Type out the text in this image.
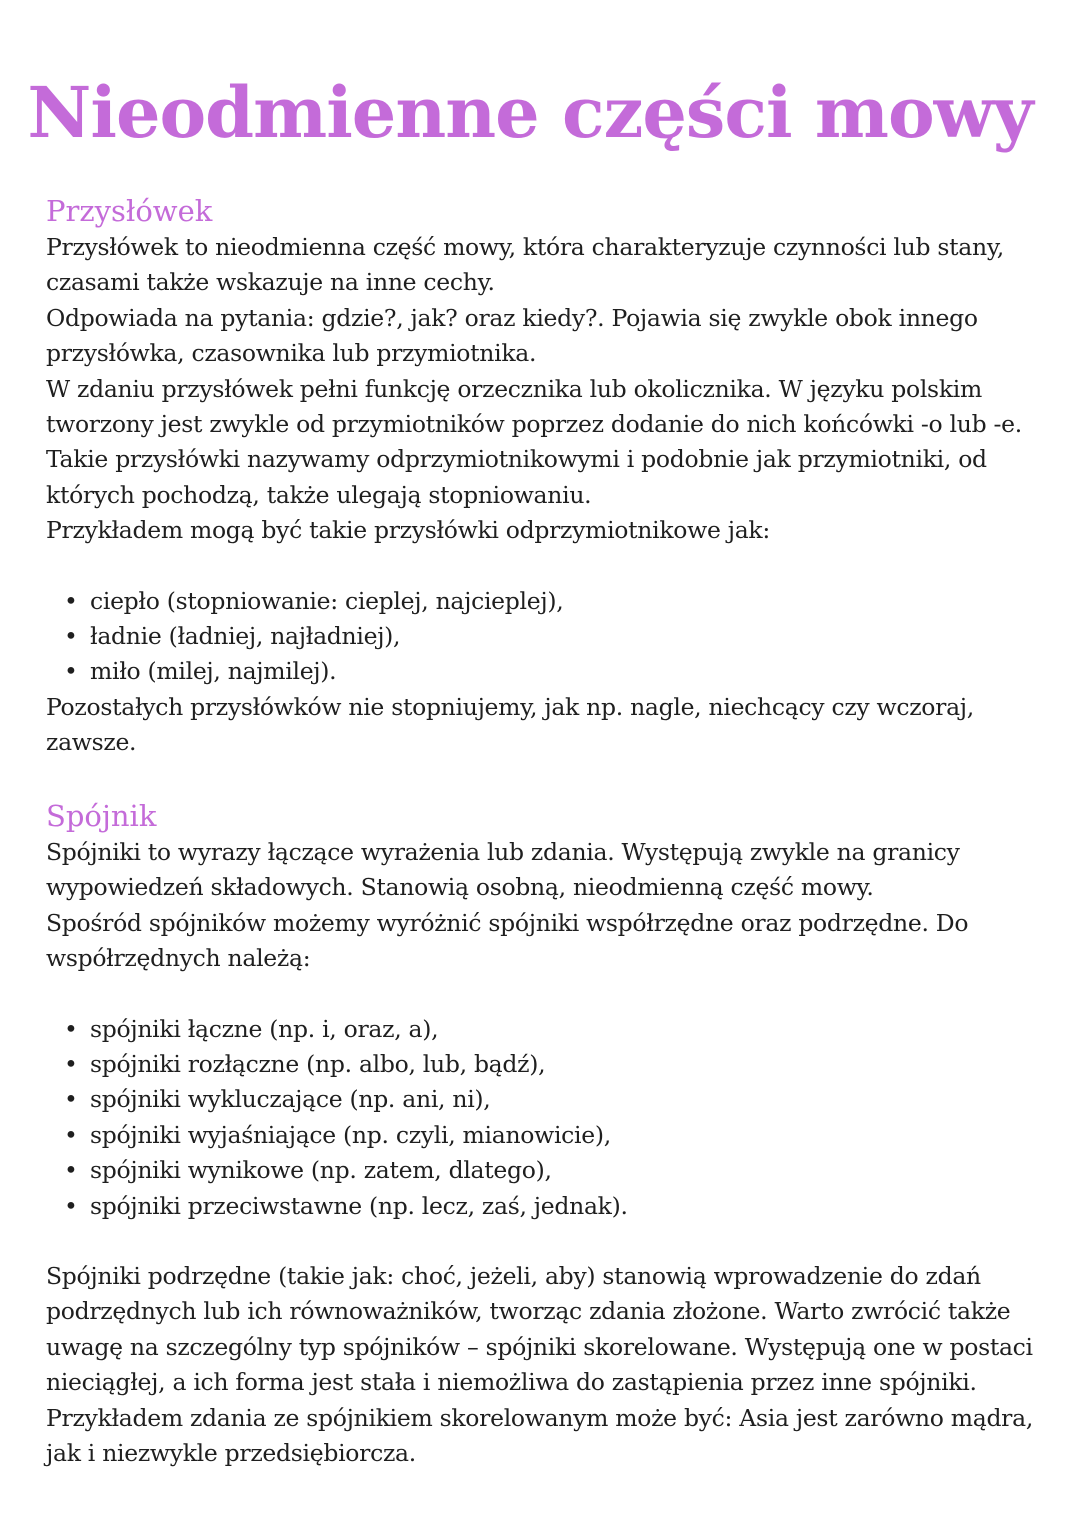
Nieodmienne części mowy
Przysłówek

Przysłówek to nieodmienna część mowy, która charakteryzuje czynności lub stany, czasami także wskazuje na inne cechy.

Odpowiada na pytania: gdzie?, jak? oraz kiedy?. Pojawia się zwykle obok innego przysłówka, czasownika lub przymiotnika.

W zdaniu przysłówek pełni funkcję orzecznika lub okolicznika. W języku polskim tworzony jest zwykle od przymiotników poprzez dodanie do nich końcówki -o lub -e. Takie przysłówki nazywamy odprzymiotnikowymi i podobnie jak przymiotniki, od których pochodzą, także ulegają stopniowaniu.

Przykładem mogą być takie przysłówki odprzymiotnikowe jak:

• ciepło (stopniowanie: cieplej, najcieplej),
• ładnie (ładniej, najładniej),
• miło (milej, najmilej).

Pozostałych przysłówków nie stopniujemy, jak np. nagle, niechcący czy wczoraj, zawsze.

Spójnik

Spójniki to wyrazy łączące wyrażenia lub zdania. Występują zwykle na granicy wypowiedzeń składowych. Stanowią osobną, nieodmienną część mowy.

Spośród spójników możemy wyróżnić spójniki współrzędne oraz podrzędne. Do współrzędnych należą:

• spójniki łączne (np. i, oraz, a),
• spójniki rozłączne (np. albo, lub, bądź),
• spójniki wykluczające (np. ani, ni),
• spójniki wyjaśniające (np. czyli, mianowicie),
• spójniki wynikowe (np. zatem, dlatego),
• spójniki przeciwstawne (np. lecz, zaś, jednak).

Spójniki podrzędne (takie jak: choć, jeżeli, aby) stanowią wprowadzenie do zdań podrzędnych lub ich równoważników, tworząc zdania złożone. Warto zwrócić także uwagę na szczególny typ spójników – spójniki skorelowane. Występują one w postaci nieciągłej, a ich forma jest stała i niemożliwa do zastąpienia przez inne spójniki. Przykładem zdania ze spójnikiem skorelowanym może być: Asia jest zarówno mądra, jak i niezwykle przedsiębiorcza.
